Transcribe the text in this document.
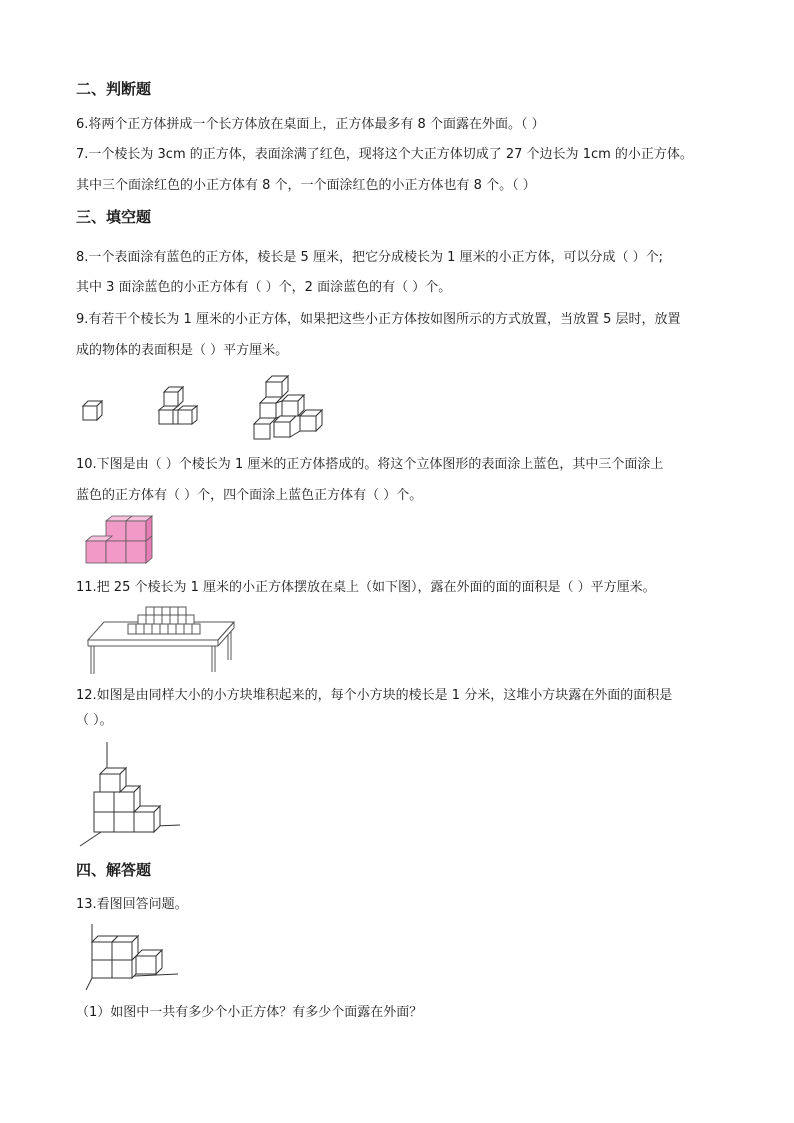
二、判断题
6.将两个正方体拼成一个长方体放在桌面上，正方体最多有 8 个面露在外面。（ ）
7.一个棱长为 3cm 的正方体，表面涂满了红色，现将这个大正方体切成了 27 个边长为 1cm 的小正方体。
其中三个面涂红色的小正方体有 8 个，一个面涂红色的小正方体也有 8 个。（ ）
三、填空题
8.一个表面涂有蓝色的正方体，棱长是 5 厘米，把它分成棱长为 1 厘米的小正方体，可以分成（ ）个;
其中 3 面涂蓝色的小正方体有（ ）个，2 面涂蓝色的有（ ）个。
9.有若干个棱长为 1 厘米的小正方体，如果把这些小正方体按如图所示的方式放置，当放置 5 层时，放置
成的物体的表面积是（ ）平方厘米。
10.下图是由（ ）个棱长为 1 厘米的正方体搭成的。将这个立体图形的表面涂上蓝色，其中三个面涂上
蓝色的正方体有（ ）个，四个面涂上蓝色正方体有（ ）个。
11.把 25 个棱长为 1 厘米的小正方体摆放在桌上（如下图），露在外面的面的面积是（ ）平方厘米。
12.如图是由同样大小的小方块堆积起来的，每个小方块的棱长是 1 分米，这堆小方块露在外面的面积是
（ ）。
四、解答题
13.看图回答问题。
（1）如图中一共有多少个小正方体？有多少个面露在外面？
